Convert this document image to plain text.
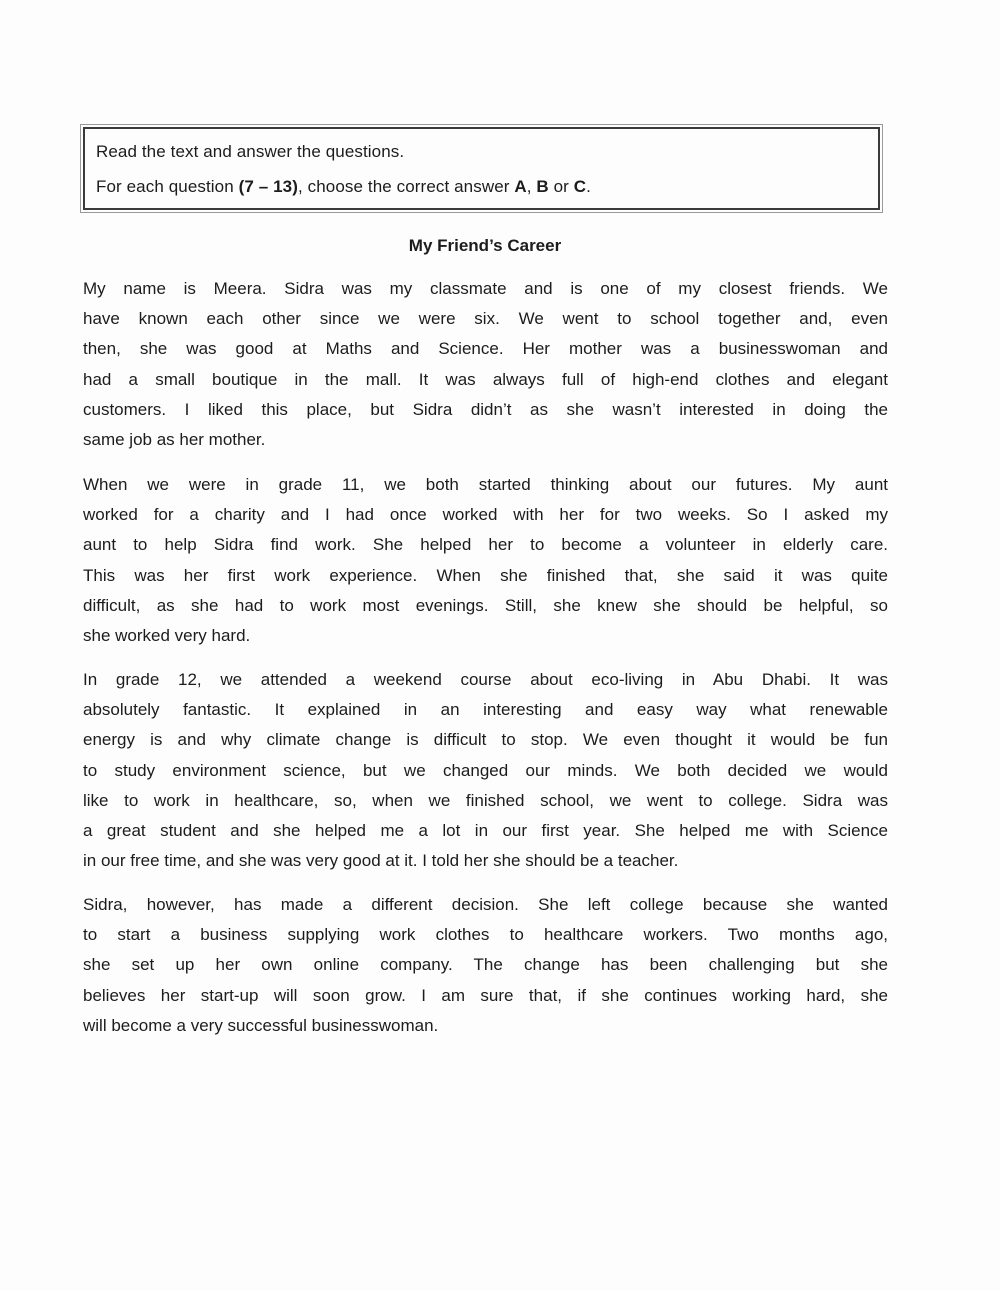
Read the text and answer the questions.
For each question (7 – 13), choose the correct answer A, B or C.
My Friend’s Career
My name is Meera. Sidra was my classmate and is one of my closest friends. We
have known each other since we were six. We went to school together and, even
then, she was good at Maths and Science. Her mother was a businesswoman and
had a small boutique in the mall. It was always full of high-end clothes and elegant
customers. I liked this place, but Sidra didn’t as she wasn’t interested in doing the
same job as her mother.
When we were in grade 11, we both started thinking about our futures. My aunt
worked for a charity and I had once worked with her for two weeks. So I asked my
aunt to help Sidra find work. She helped her to become a volunteer in elderly care.
This was her first work experience. When she finished that, she said it was quite
difficult, as she had to work most evenings. Still, she knew she should be helpful, so
she worked very hard.
In grade 12, we attended a weekend course about eco-living in Abu Dhabi. It was
absolutely fantastic. It explained in an interesting and easy way what renewable
energy is and why climate change is difficult to stop. We even thought it would be fun
to study environment science, but we changed our minds. We both decided we would
like to work in healthcare, so, when we finished school, we went to college. Sidra was
a great student and she helped me a lot in our first year. She helped me with Science
in our free time, and she was very good at it. I told her she should be a teacher.
Sidra, however, has made a different decision. She left college because she wanted
to start a business supplying work clothes to healthcare workers. Two months ago,
she set up her own online company. The change has been challenging but she
believes her start-up will soon grow. I am sure that, if she continues working hard, she
will become a very successful businesswoman.
